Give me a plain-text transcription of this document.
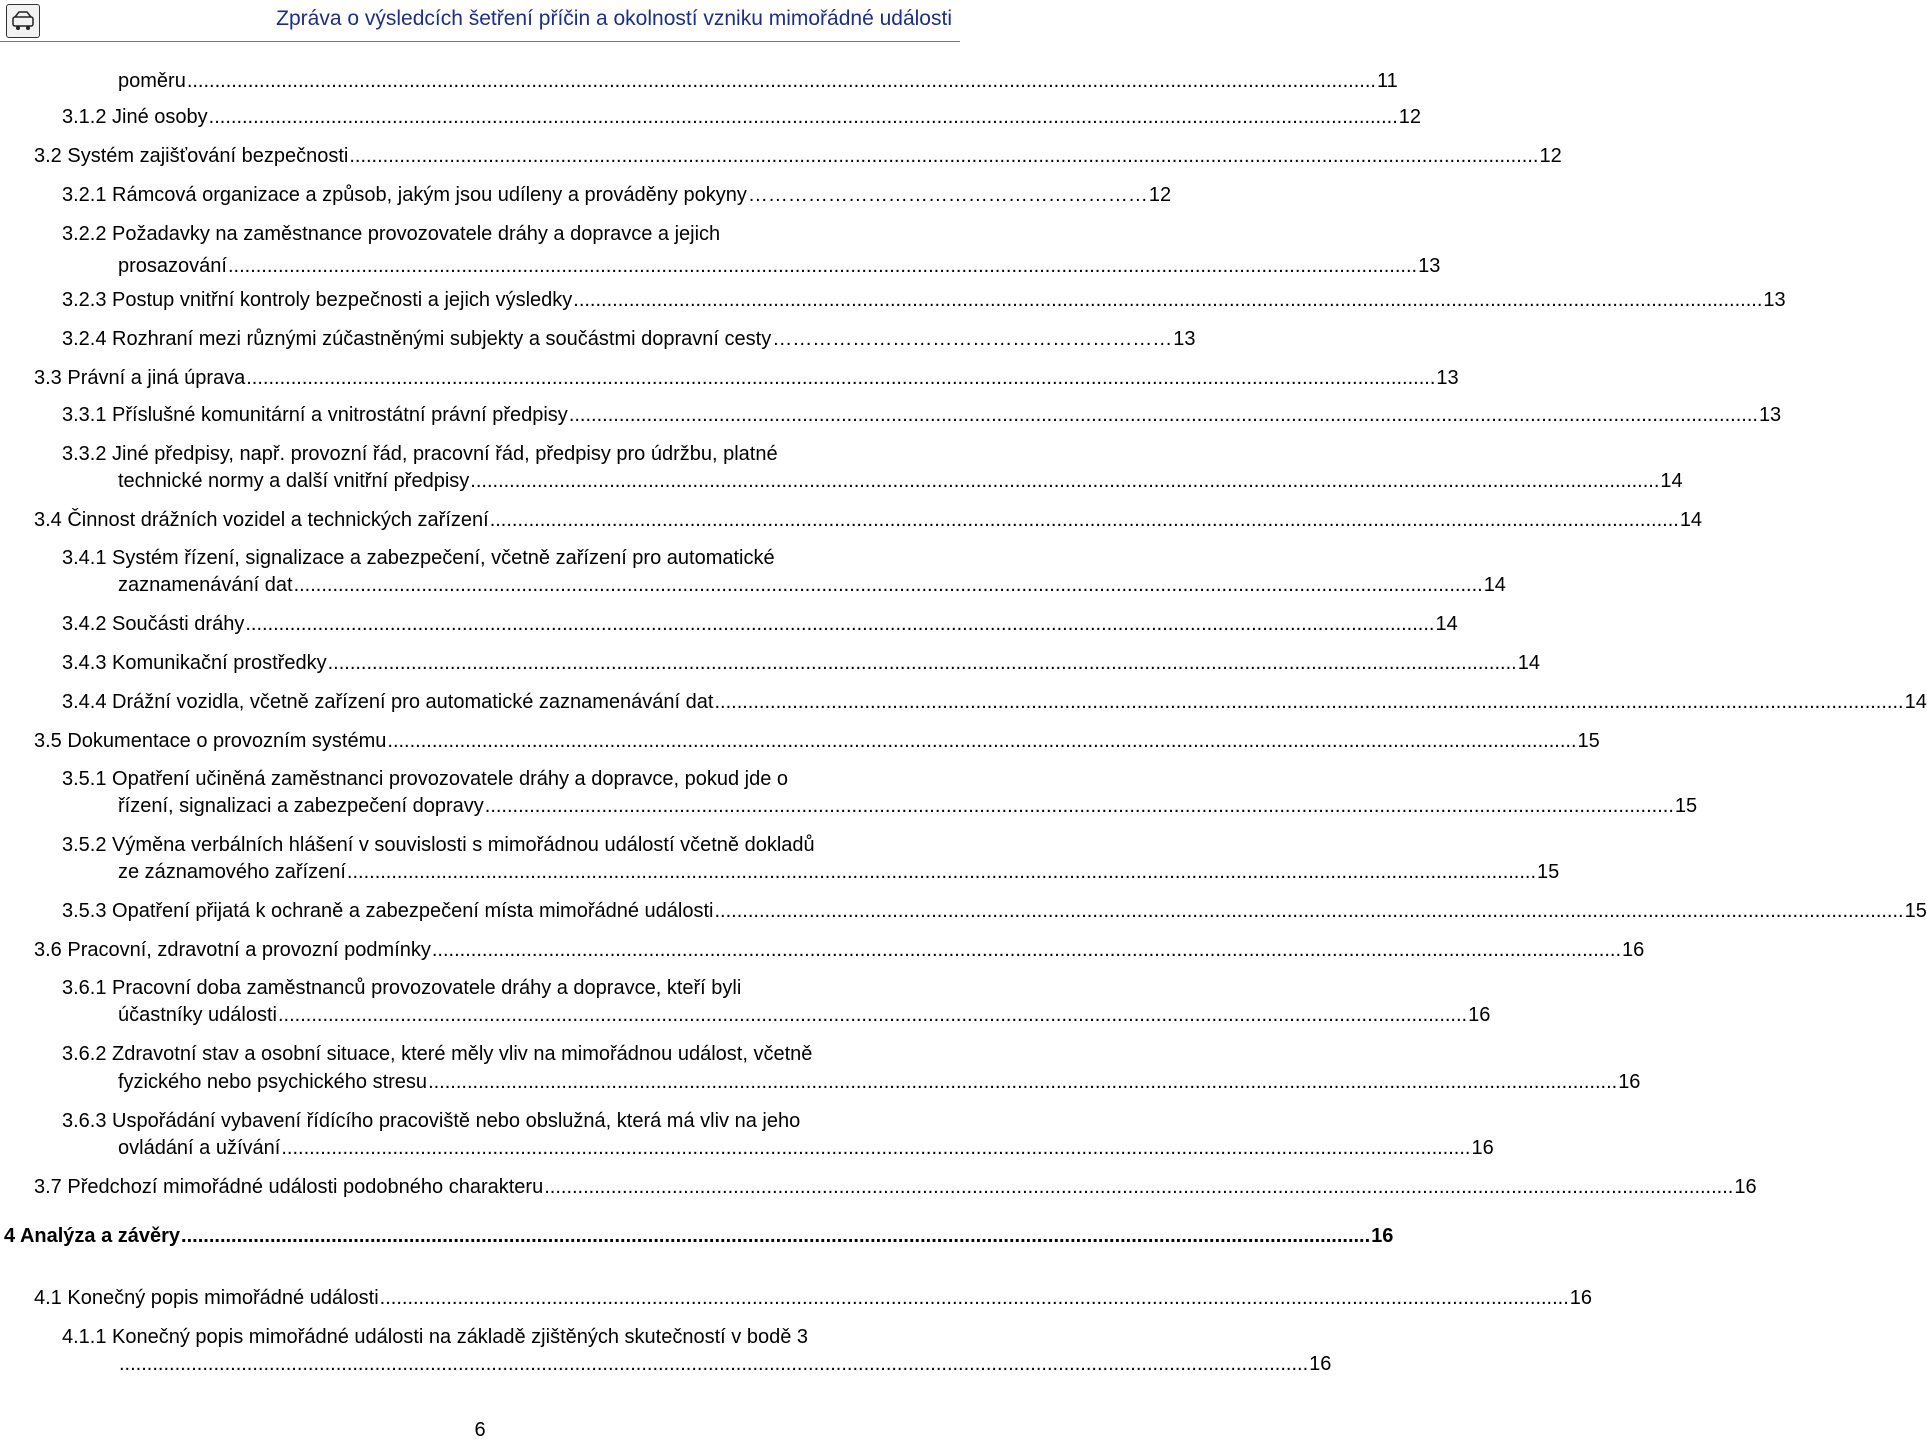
Zpráva o výsledcích šetření příčin a okolností vzniku mimořádné události
poměru ...................................................................................................................................................................................................................... 11
3.1.2 Jiné osoby ...................................................................................................................................................................................................................... 12
3.2 Systém zajišťování bezpečnosti ...................................................................................................................................................................................................................... 12
3.2.1 Rámcová organizace a způsob, jakým jsou udíleny a prováděny pokyny …………………………………………………… 12
3.2.2 Požadavky na zaměstnance provozovatele dráhy a dopravce a jejich
prosazování ...................................................................................................................................................................................................................... 13
3.2.3 Postup vnitřní kontroly bezpečnosti a jejich výsledky ...................................................................................................................................................................................................................... 13
3.2.4 Rozhraní mezi různými zúčastněnými subjekty a součástmi dopravní cesty …………………………………………………… 13
3.3 Právní a jiná úprava ...................................................................................................................................................................................................................... 13
3.3.1 Příslušné komunitární a vnitrostátní právní předpisy ...................................................................................................................................................................................................................... 13
3.3.2 Jiné předpisy, např. provozní řád, pracovní řád, předpisy pro údržbu, platné
technické normy a další vnitřní předpisy ...................................................................................................................................................................................................................... 14
3.4 Činnost drážních vozidel a technických zařízení ...................................................................................................................................................................................................................... 14
3.4.1 Systém řízení, signalizace a zabezpečení, včetně zařízení pro automatické
zaznamenávání dat ...................................................................................................................................................................................................................... 14
3.4.2 Součásti dráhy ...................................................................................................................................................................................................................... 14
3.4.3 Komunikační prostředky ...................................................................................................................................................................................................................... 14
3.4.4 Drážní vozidla, včetně zařízení pro automatické zaznamenávání dat ...................................................................................................................................................................................................................... 14
3.5 Dokumentace o provozním systému ...................................................................................................................................................................................................................... 15
3.5.1 Opatření učiněná zaměstnanci provozovatele dráhy a dopravce, pokud jde o
řízení, signalizaci a zabezpečení dopravy ...................................................................................................................................................................................................................... 15
3.5.2 Výměna verbálních hlášení v souvislosti s mimořádnou událostí včetně dokladů
ze záznamového zařízení ...................................................................................................................................................................................................................... 15
3.5.3 Opatření přijatá k ochraně a zabezpečení místa mimořádné události ...................................................................................................................................................................................................................... 15
3.6 Pracovní, zdravotní a provozní podmínky ...................................................................................................................................................................................................................... 16
3.6.1 Pracovní doba zaměstnanců provozovatele dráhy a dopravce, kteří byli
účastníky události ...................................................................................................................................................................................................................... 16
3.6.2 Zdravotní stav a osobní situace, které měly vliv na mimořádnou událost, včetně
fyzického nebo psychického stresu ...................................................................................................................................................................................................................... 16
3.6.3 Uspořádání vybavení řídícího pracoviště nebo obslužná, která má vliv na jeho
ovládání a užívání ...................................................................................................................................................................................................................... 16
3.7 Předchozí mimořádné události podobného charakteru ...................................................................................................................................................................................................................... 16
4 Analýza a závěry ...................................................................................................................................................................................................................... 16
4.1 Konečný popis mimořádné události ...................................................................................................................................................................................................................... 16
4.1.1 Konečný popis mimořádné události na základě zjištěných skutečností v bodě 3
...................................................................................................................................................................................................................... 16
6
